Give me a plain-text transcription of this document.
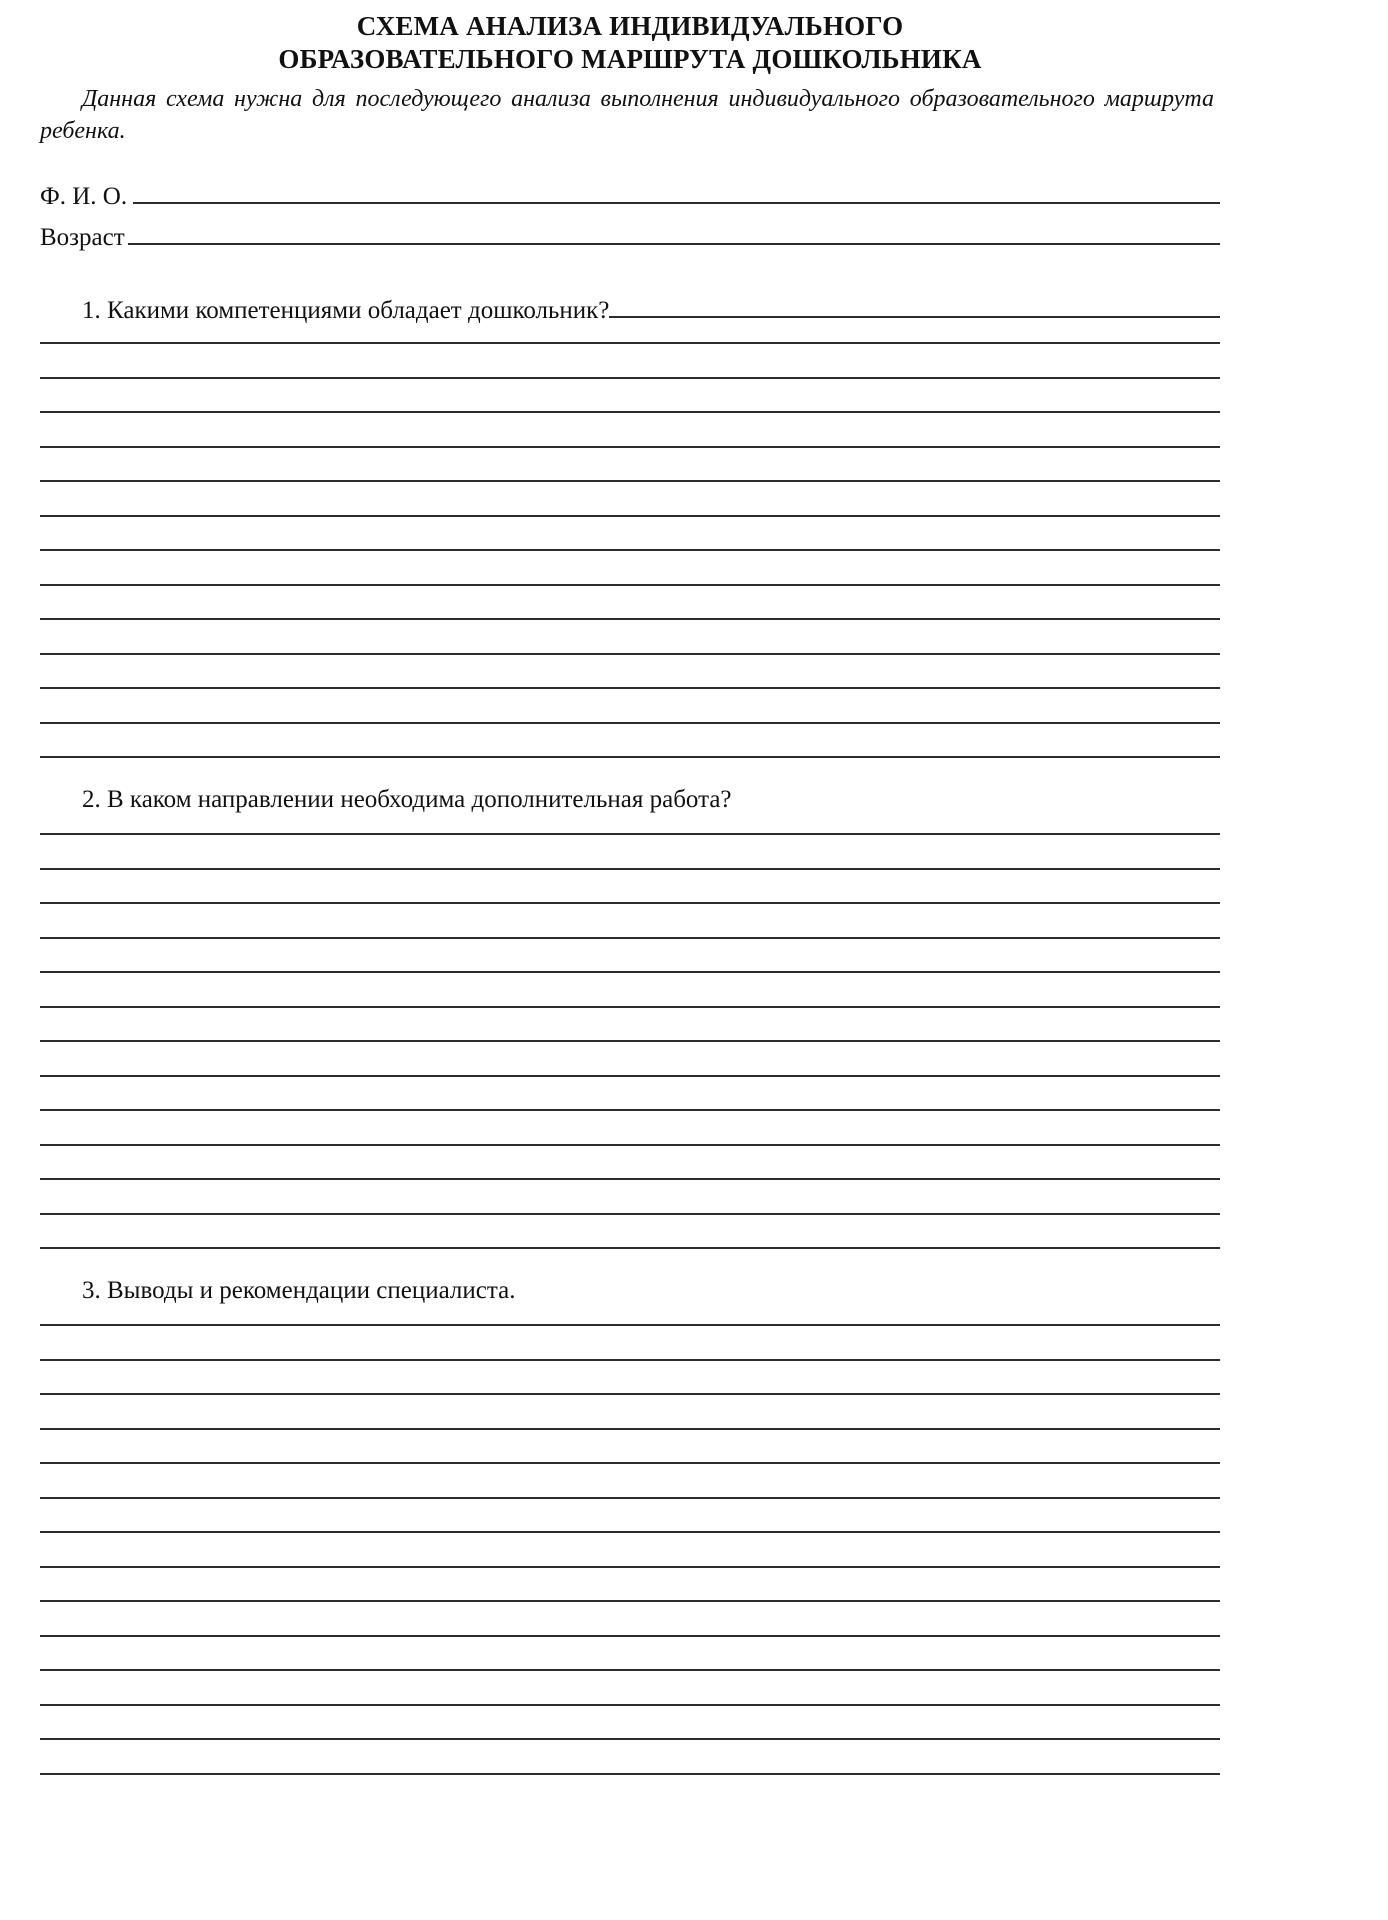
СХЕМА АНАЛИЗА ИНДИВИДУАЛЬНОГО
ОБРАЗОВАТЕЛЬНОГО МАРШРУТА ДОШКОЛЬНИКА

Данная схема нужна для последующего анализа выполнения индивидуального образовательного маршрута ребенка.

Ф. И. О.
Возраст
1. Какими компетенциями обладает дошкольник?
2. В каком направлении необходима дополнительная работа?
3. Выводы и рекомендации специалиста.
